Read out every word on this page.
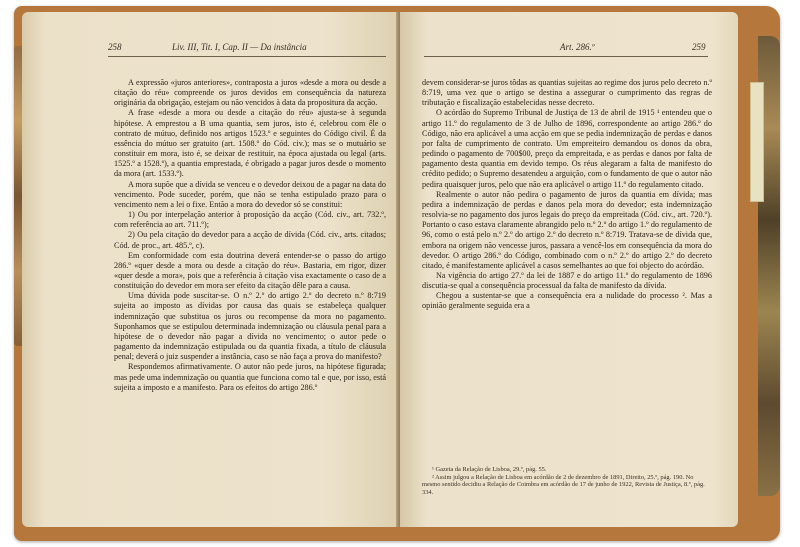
258	Liv. III, Tit. I, Cap. II — Da instância

A expressão «juros anteriores», contraposta a juros «desde a mora ou desde a citação do réu» compreende os juros devidos em consequência da natureza originária da obrigação, estejam ou não vencidos à data da propositura da acção.

A frase «desde a mora ou desde a citação do réu» ajusta-se à segunda hipótese. A emprestou a B uma quantia, sem juros, isto é, celebrou com êle o contrato de mútuo, definido nos artigos 1523.º e seguintes do Código civil. É da essência do mútuo ser gratuito (art. 1508.º do Cód. civ.); mas se o mutuário se constituir em mora, isto é, se deixar de restituir, na época ajustada ou legal (arts. 1525.º a 1528.º), a quantia emprestada, é obrigado a pagar juros desde o momento da mora (art. 1533.º).

A mora supõe que a dívida se venceu e o devedor deixou de a pagar na data do vencimento. Pode suceder, porém, que não se tenha estipulado prazo para o vencimento nem a lei o fixe. Então a mora do devedor só se constitui:

1) Ou por interpelação anterior à proposição da acção (Cód. civ., art. 732.º, com referência ao art. 711.º);

2) Ou pela citação do devedor para a acção de dívida (Cód. civ., arts. citados; Cód. de proc., art. 485.º, c).

Em conformidade com esta doutrina deverá entender-se o passo do artigo 286.º «quer desde a mora ou desde a citação do réu». Bastaria, em rigor, dizer «quer desde a mora», pois que a referência à citação visa exactamente o caso de a constituição do devedor em mora ser efeito da citação dêle para a causa.

Uma dúvida pode suscitar-se. O n.º 2.º do artigo 2.º do decreto n.º 8:719 sujeita ao imposto as dívidas por causa das quais se estabeleça qualquer indemnização que substitua os juros ou recompense da mora no pagamento. Suponhamos que se estipulou determinada indemnização ou cláusula penal para a hipótese de o devedor não pagar a dívida no vencimento; o autor pede o pagamento da indemnização estipulada ou da quantia fixada, a título de cláusula penal; deverá o juiz suspender a instância, caso se não faça a prova do manifesto?

Respondemos afirmativamente. O autor não pede juros, na hipótese figurada; mas pede uma indemnização ou quantia que funciona como tal e que, por isso, está sujeita a imposto e a manifesto. Para os efeitos do artigo 286.º

Art. 286.º	259

devem considerar-se juros tôdas as quantias sujeitas ao regime dos juros pelo decreto n.º 8:719, uma vez que o artigo se destina a assegurar o cumprimento das regras de tributação e fiscalização estabelecidas nesse decreto.

O acórdão do Supremo Tribunal de Justiça de 13 de abril de 1915 ¹ entendeu que o artigo 11.º do regulamento de 3 de Julho de 1896, correspondente ao artigo 286.º do Código, não era aplicável a uma acção em que se pedia indemnização de perdas e danos por falta de cumprimento de contrato. Um empreiteiro demandou os donos da obra, pedindo o pagamento de 700$00, preço da empreitada, e as perdas e danos por falta de pagamento desta quantia em devido tempo. Os réus alegaram a falta de manifesto do crédito pedido; o Supremo desatendeu a arguição, com o fundamento de que o autor não pedira quaisquer juros, pelo que não era aplicável o artigo 11.º do regulamento citado.

Realmente o autor não pedira o pagamento de juros da quantia em dívida; mas pedira a indemnização de perdas e danos pela mora do devedor; esta indemnização resolvia-se no pagamento dos juros legais do preço da empreitada (Cód. civ., art. 720.º). Portanto o caso estava claramente abrangido pelo n.º 2.º do artigo 1.º do regulamento de 96, como o está pelo n.º 2.º do artigo 2.º do decreto n.º 8:719. Tratava-se de dívida que, embora na origem não vencesse juros, passara a vencê-los em consequência da mora do devedor. O artigo 286.º do Código, combinado com o n.º 2.º do artigo 2.º do decreto citado, é manifestamente aplicável a casos semelhantes ao que foi objecto do acórdão.

Na vigência do artigo 27.º da lei de 1887 e do artigo 11.º do regulamento de 1896 discutia-se qual a consequência processual da falta de manifesto da dívida.

Chegou a sustentar-se que a consequência era a nulidade do processo ². Mas a opinião geralmente seguida era a

¹ Gazeta da Relação de Lisboa, 29.º, pág. 55.

² Assim julgou a Relação de Lisboa em acórdão de 2 de dezembro de 1891, Direito, 25.º, pág. 190. No mesmo sentido decidiu a Relação de Coimbra em acórdão de 17 de junho de 1922, Revista de Justiça, 8.º, pág. 334.
